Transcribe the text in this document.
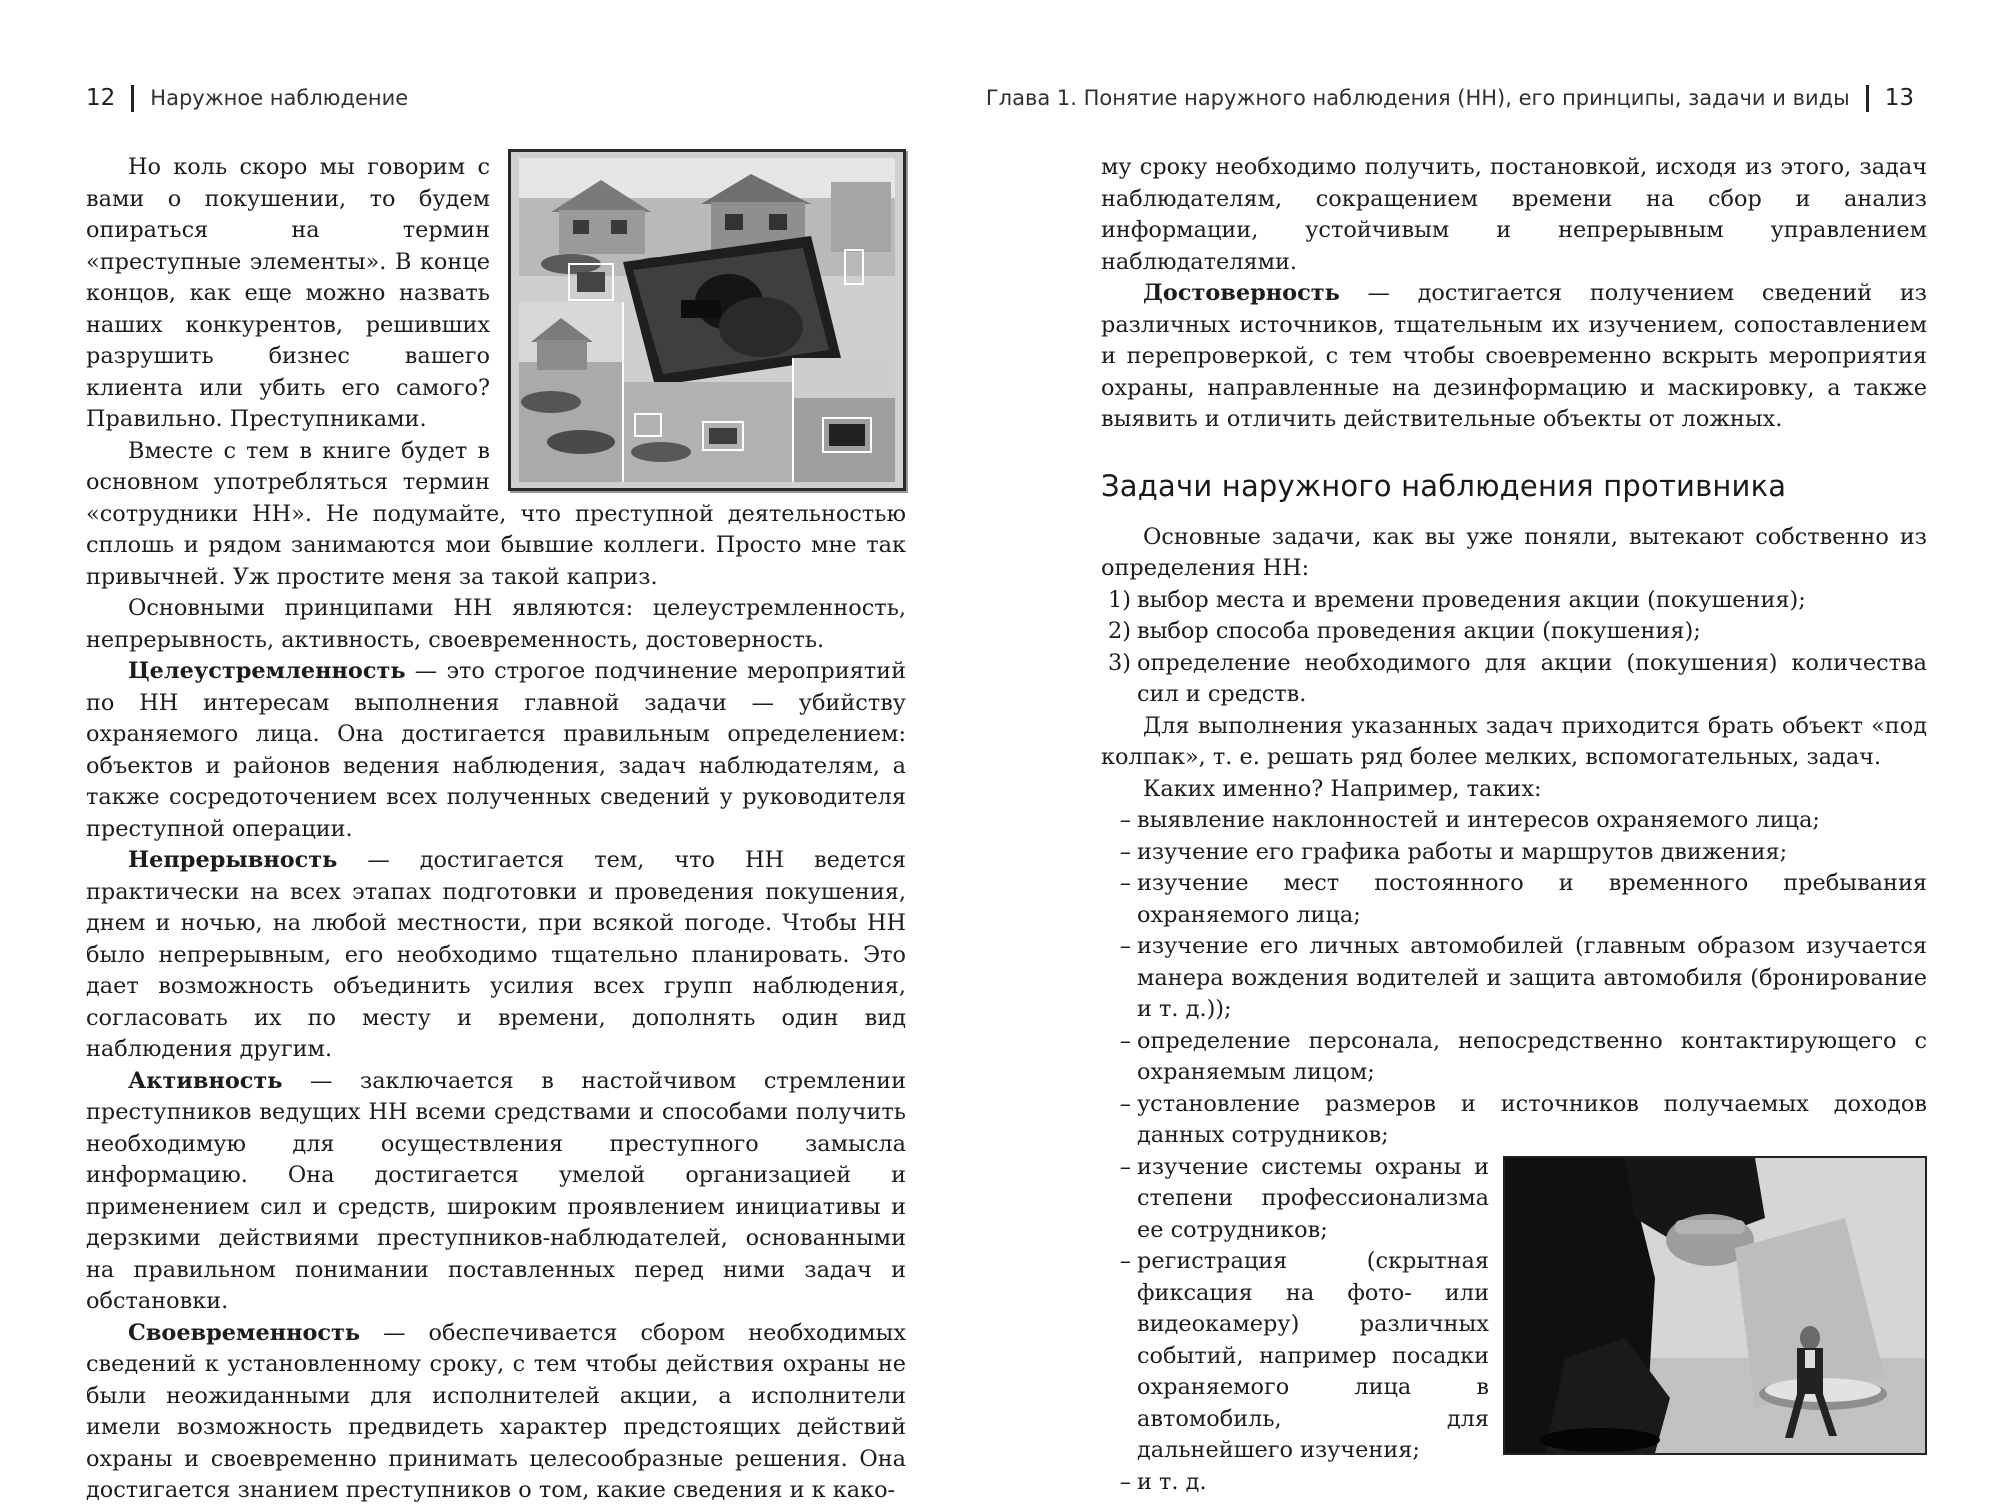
12 Наружное наблюдение

Но коль скоро мы говорим с вами о покушении, то будем опираться на термин «преступные элементы». В конце концов, как еще можно назвать наших конкурентов, решивших разрушить бизнес вашего клиента или убить его самого? Правильно. Преступниками.

Вместе с тем в книге будет в основном употребляться термин «сотрудники НН». Не подумайте, что преступной деятельностью сплошь и рядом занимаются мои бывшие коллеги. Просто мне так привычней. Уж простите меня за такой каприз.

Основными принципами НН являются: целеустремленность, непрерывность, активность, своевременность, достоверность.

Целеустремленность — это строгое подчинение мероприятий по НН интересам выполнения главной задачи — убийству охраняемого лица. Она достигается правильным определением: объектов и районов ведения наблюдения, задач наблюдателям, а также сосредоточением всех полученных сведений у руководителя преступной операции.

Непрерывность — достигается тем, что НН ведется практически на всех этапах подготовки и проведения покушения, днем и ночью, на любой местности, при всякой погоде. Чтобы НН было непрерывным, его необходимо тщательно планировать. Это дает возможность объединить усилия всех групп наблюдения, согласовать их по месту и времени, дополнять один вид наблюдения другим.

Активность — заключается в настойчивом стремлении преступников ведущих НН всеми средствами и способами получить необходимую для осуществления преступного замысла информацию. Она достигается умелой организацией и применением сил и средств, широким проявлением инициативы и дерзкими действиями преступников-наблюдателей, основанными на правильном понимании поставленных перед ними задач и обстановки.

Своевременность — обеспечивается сбором необходимых сведений к установленному сроку, с тем чтобы действия охраны не были неожиданными для исполнителей акции, а исполнители имели возможность предвидеть характер предстоящих действий охраны и своевременно принимать целесообразные решения. Она достигается знанием преступников о том, какие сведения и к како-

Глава 1. Понятие наружного наблюдения (НН), его принципы, задачи и виды 13

му сроку необходимо получить, постановкой, исходя из этого, задач наблюдателям, сокращением времени на сбор и анализ информации, устойчивым и непрерывным управлением наблюдателями.

Достоверность — достигается получением сведений из различных источников, тщательным их изучением, сопоставлением и перепроверкой, с тем чтобы своевременно вскрыть мероприятия охраны, направленные на дезинформацию и маскировку, а также выявить и отличить действительные объекты от ложных.

Задачи наружного наблюдения противника

Основные задачи, как вы уже поняли, вытекают собственно из определения НН:

1) выбор места и времени проведения акции (покушения);
2) выбор способа проведения акции (покушения);
3) определение необходимого для акции (покушения) количества сил и средств.

Для выполнения указанных задач приходится брать объект «под колпак», т. е. решать ряд более мелких, вспомогательных, задач.

Каких именно? Например, таких:

– выявление наклонностей и интересов охраняемого лица;
– изучение его графика работы и маршрутов движения;
– изучение мест постоянного и временного пребывания охраняемого лица;
– изучение его личных автомобилей (главным образом изучается манера вождения водителей и защита автомобиля (бронирование и т. д.));
– определение персонала, непосредственно контактирующего с охраняемым лицом;
– установление размеров и источников получаемых доходов данных сотрудников;
– изучение системы охраны и степени профессионализма ее сотрудников;
– регистрация (скрытная фиксация на фото- или видеокамеру) различных событий, например посадки охраняемого лица в автомобиль, для дальнейшего изучения;
– и т. д.
